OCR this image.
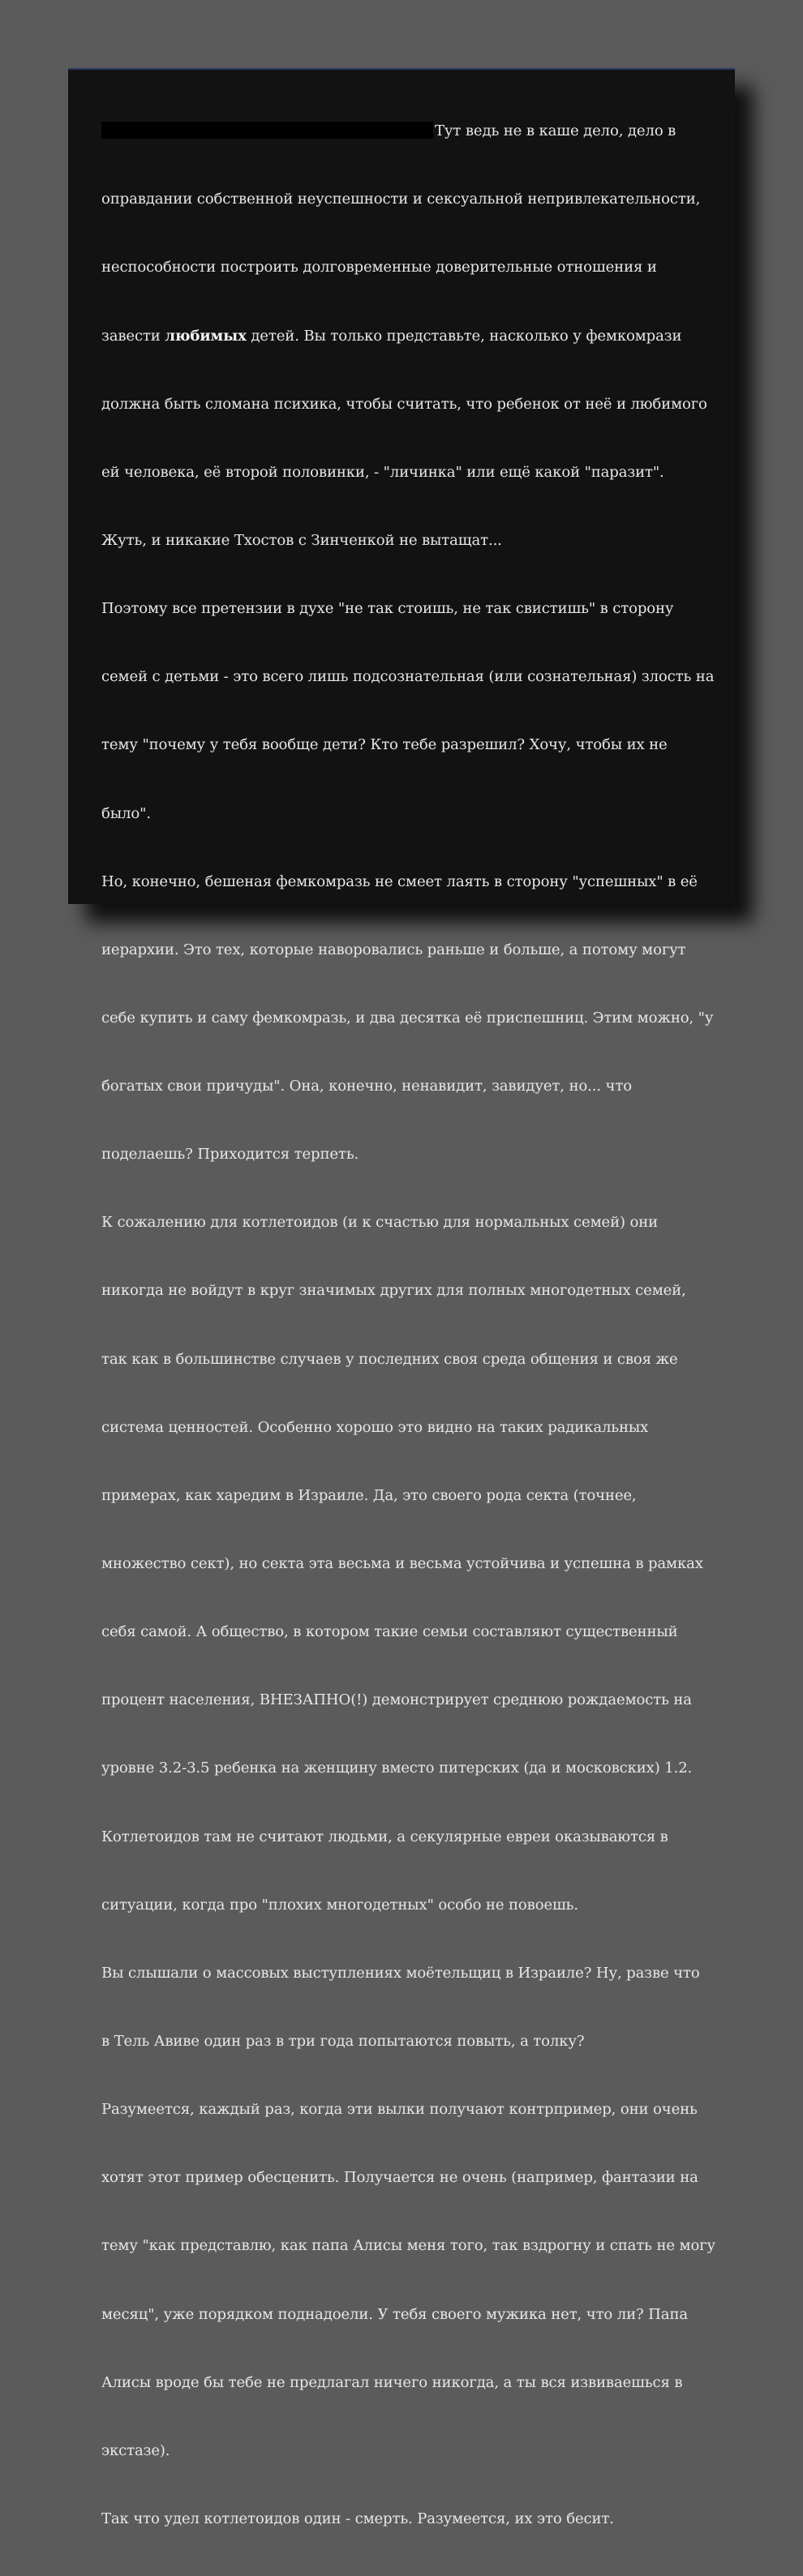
Тут ведь не в каше дело, дело в

оправдании собственной неуспешности и сексуальной непривлекательности,

неспособности построить долговременные доверительные отношения и

завести любимых детей. Вы только представьте, насколько у фемкомрази

должна быть сломана психика, чтобы считать, что ребенок от неё и любимого

ей человека, её второй половинки, - "личинка" или ещё какой "паразит".

Жуть, и никакие Тхостов с Зинченкой не вытащат...

Поэтому все претензии в духе "не так стоишь, не так свистишь" в сторону

семей с детьми - это всего лишь подсознательная (или сознательная) злость на

тему "почему у тебя вообще дети? Кто тебе разрешил? Хочу, чтобы их не

было".

Но, конечно, бешеная фемкомразь не смеет лаять в сторону "успешных" в её

иерархии. Это тех, которые наворовались раньше и больше, а потому могут

себе купить и саму фемкомразь, и два десятка её приспешниц. Этим можно, "у

богатых свои причуды". Она, конечно, ненавидит, завидует, но... что

поделаешь? Приходится терпеть.

К сожалению для котлетоидов (и к счастью для нормальных семей) они

никогда не войдут в круг значимых других для полных многодетных семей,

так как в большинстве случаев у последних своя среда общения и своя же

система ценностей. Особенно хорошо это видно на таких радикальных

примерах, как харедим в Израиле. Да, это своего рода секта (точнее,

множество сект), но секта эта весьма и весьма устойчива и успешна в рамках

себя самой. А общество, в котором такие семьи составляют существенный

процент населения, ВНЕЗАПНО(!) демонстрирует среднюю рождаемость на

уровне 3.2-3.5 ребенка на женщину вместо питерских (да и московских) 1.2.

Котлетоидов там не считают людьми, а секулярные евреи оказываются в

ситуации, когда про "плохих многодетных" особо не повоешь.

Вы слышали о массовых выступлениях моётельщиц в Израиле? Ну, разве что

в Тель Авиве один раз в три года попытаются повыть, а толку?

Разумеется, каждый раз, когда эти вылки получают контрпример, они очень

хотят этот пример обесценить. Получается не очень (например, фантазии на

тему "как представлю, как папа Алисы меня того, так вздрогну и спать не могу

месяц", уже порядком поднадоели. У тебя своего мужика нет, что ли? Папа

Алисы вроде бы тебе не предлагал ничего никогда, а ты вся извиваешься в

экстазе).

Так что удел котлетоидов один - смерть. Разумеется, их это бесит.
